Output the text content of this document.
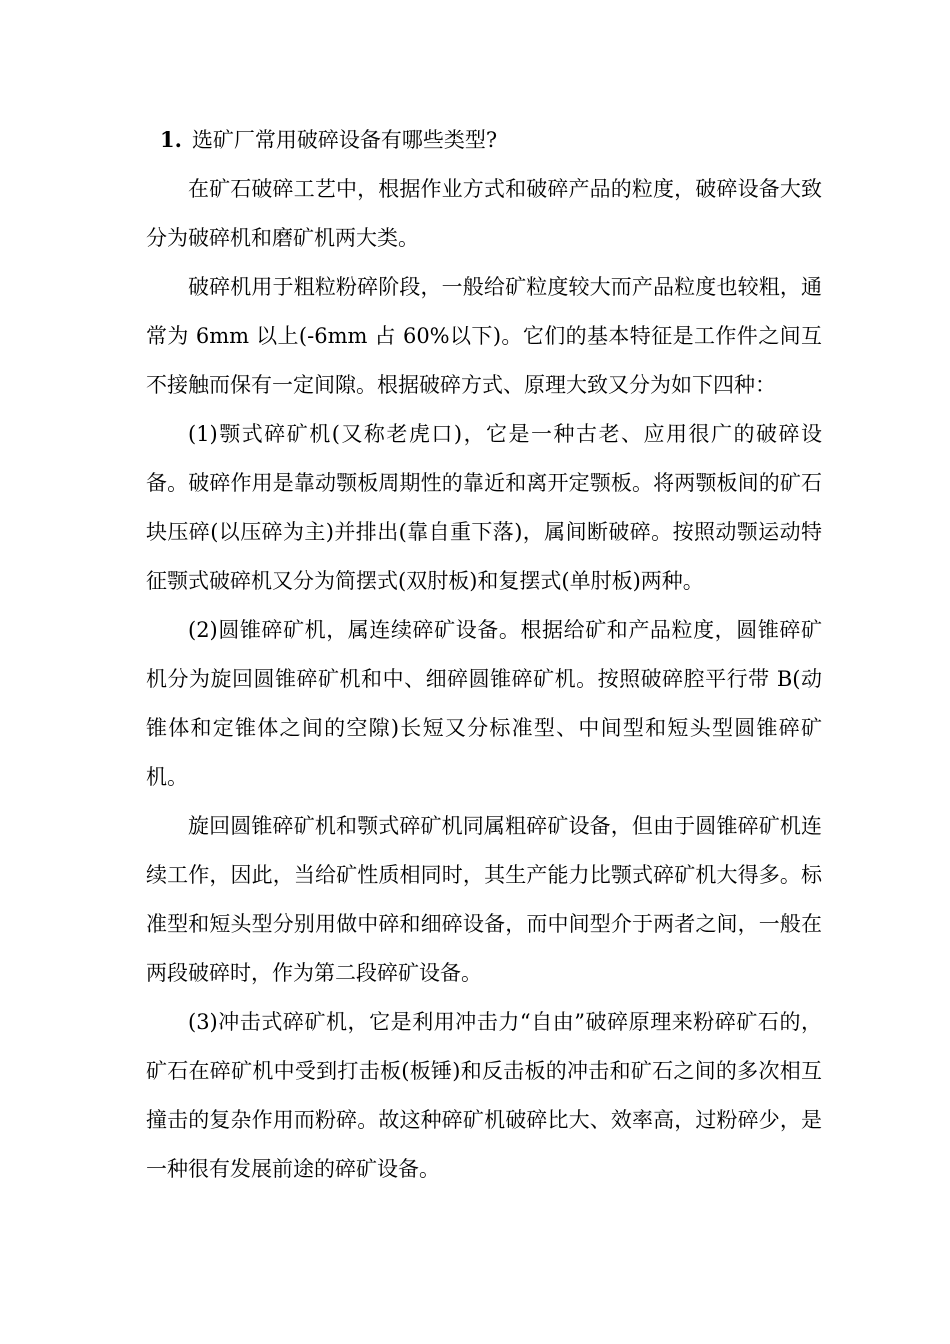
1. 选矿厂常用破碎设备有哪些类型?

在矿石破碎工艺中，根据作业方式和破碎产品的粒度，破碎设备大致分为破碎机和磨矿机两大类。

破碎机用于粗粒粉碎阶段，一般给矿粒度较大而产品粒度也较粗，通常为 6mm 以上(-6mm 占 60%以下)。它们的基本特征是工作件之间互不接触而保有一定间隙。根据破碎方式、原理大致又分为如下四种：

(1)颚式碎矿机(又称老虎口)，它是一种古老、应用很广的破碎设备。破碎作用是靠动颚板周期性的靠近和离开定颚板。将两颚板间的矿石块压碎(以压碎为主)并排出(靠自重下落)，属间断破碎。按照动颚运动特征颚式破碎机又分为简摆式(双肘板)和复摆式(单肘板)两种。

(2)圆锥碎矿机，属连续碎矿设备。根据给矿和产品粒度，圆锥碎矿机分为旋回圆锥碎矿机和中、细碎圆锥碎矿机。按照破碎腔平行带 B(动锥体和定锥体之间的空隙)长短又分标准型、中间型和短头型圆锥碎矿机。

旋回圆锥碎矿机和颚式碎矿机同属粗碎矿设备，但由于圆锥碎矿机连续工作，因此，当给矿性质相同时，其生产能力比颚式碎矿机大得多。标准型和短头型分别用做中碎和细碎设备，而中间型介于两者之间，一般在两段破碎时，作为第二段碎矿设备。

(3)冲击式碎矿机，它是利用冲击力“自由”破碎原理来粉碎矿石的，矿石在碎矿机中受到打击板(板锤)和反击板的冲击和矿石之间的多次相互撞击的复杂作用而粉碎。故这种碎矿机破碎比大、效率高，过粉碎少，是一种很有发展前途的碎矿设备。
